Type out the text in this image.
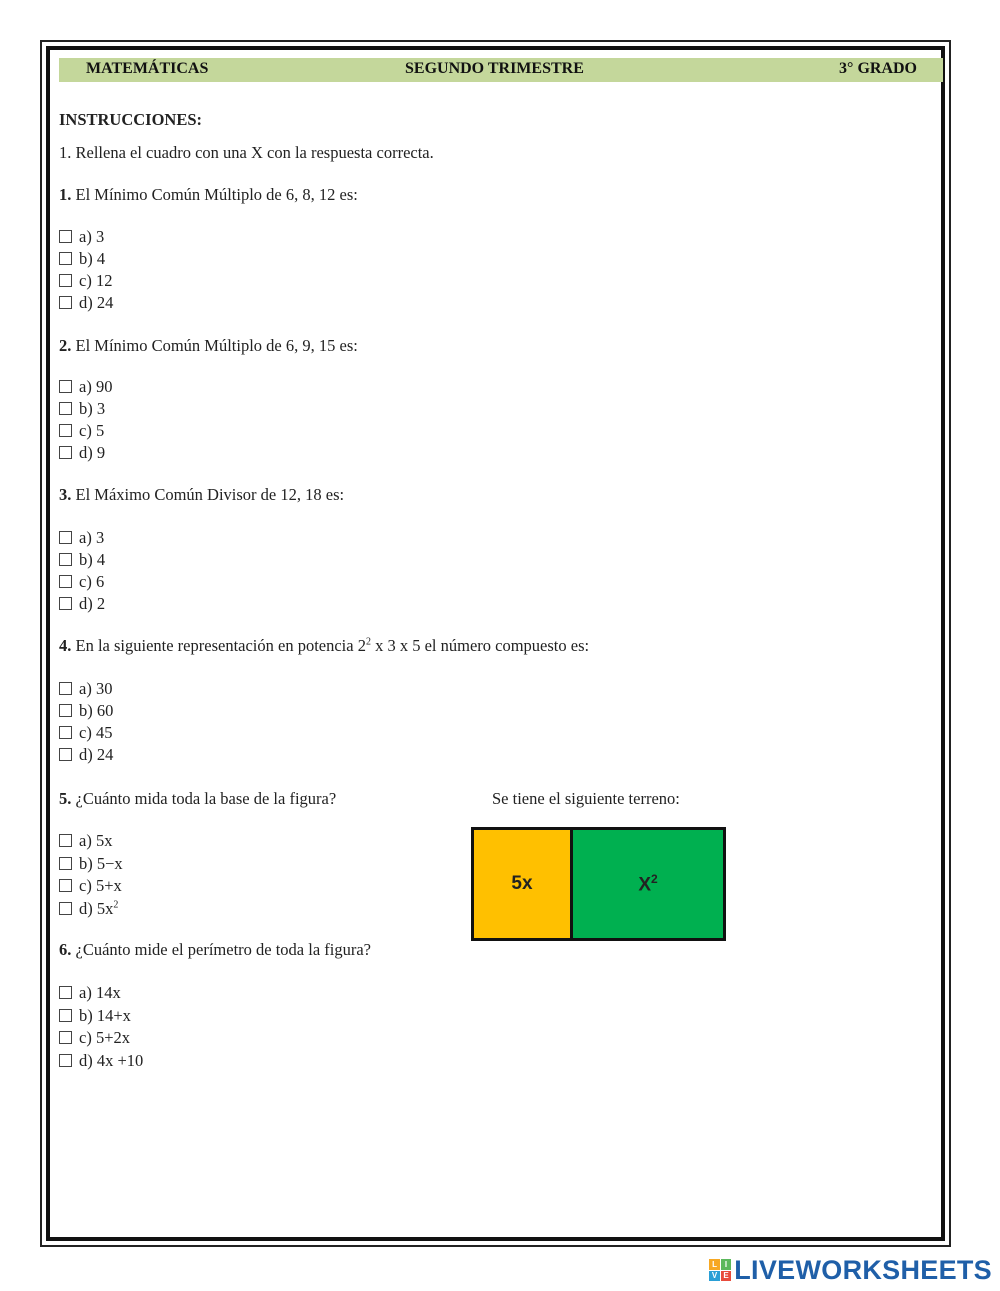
MATEMÁTICAS	SEGUNDO TRIMESTRE	3° GRADO
INSTRUCCIONES:
1. Rellena el cuadro con una X con la respuesta correcta.
1. El Mínimo Común Múltiplo de 6, 8, 12 es:
a) 3
b) 4
c) 12
d) 24
2. El Mínimo Común Múltiplo de 6, 9, 15 es:
a) 90
b) 3
c) 5
d) 9
3. El Máximo Común Divisor de 12, 18 es:
a) 3
b) 4
c) 6
d) 2
4. En la siguiente representación en potencia $2^2$ x 3 x 5 el número compuesto es:
a) 30
b) 60
c) 45
d) 24
5. ¿Cuánto mida toda la base de la figura?
a) 5x
b) 5−x
c) 5+x
d) $5x^2$
Se tiene el siguiente terreno:
5x	$X^2$
6. ¿Cuánto mide el perímetro de toda la figura?
a) 14x
b) 14+x
c) 5+2x
d) 4x +10
L I
V E LIVEWORKSHEETS
